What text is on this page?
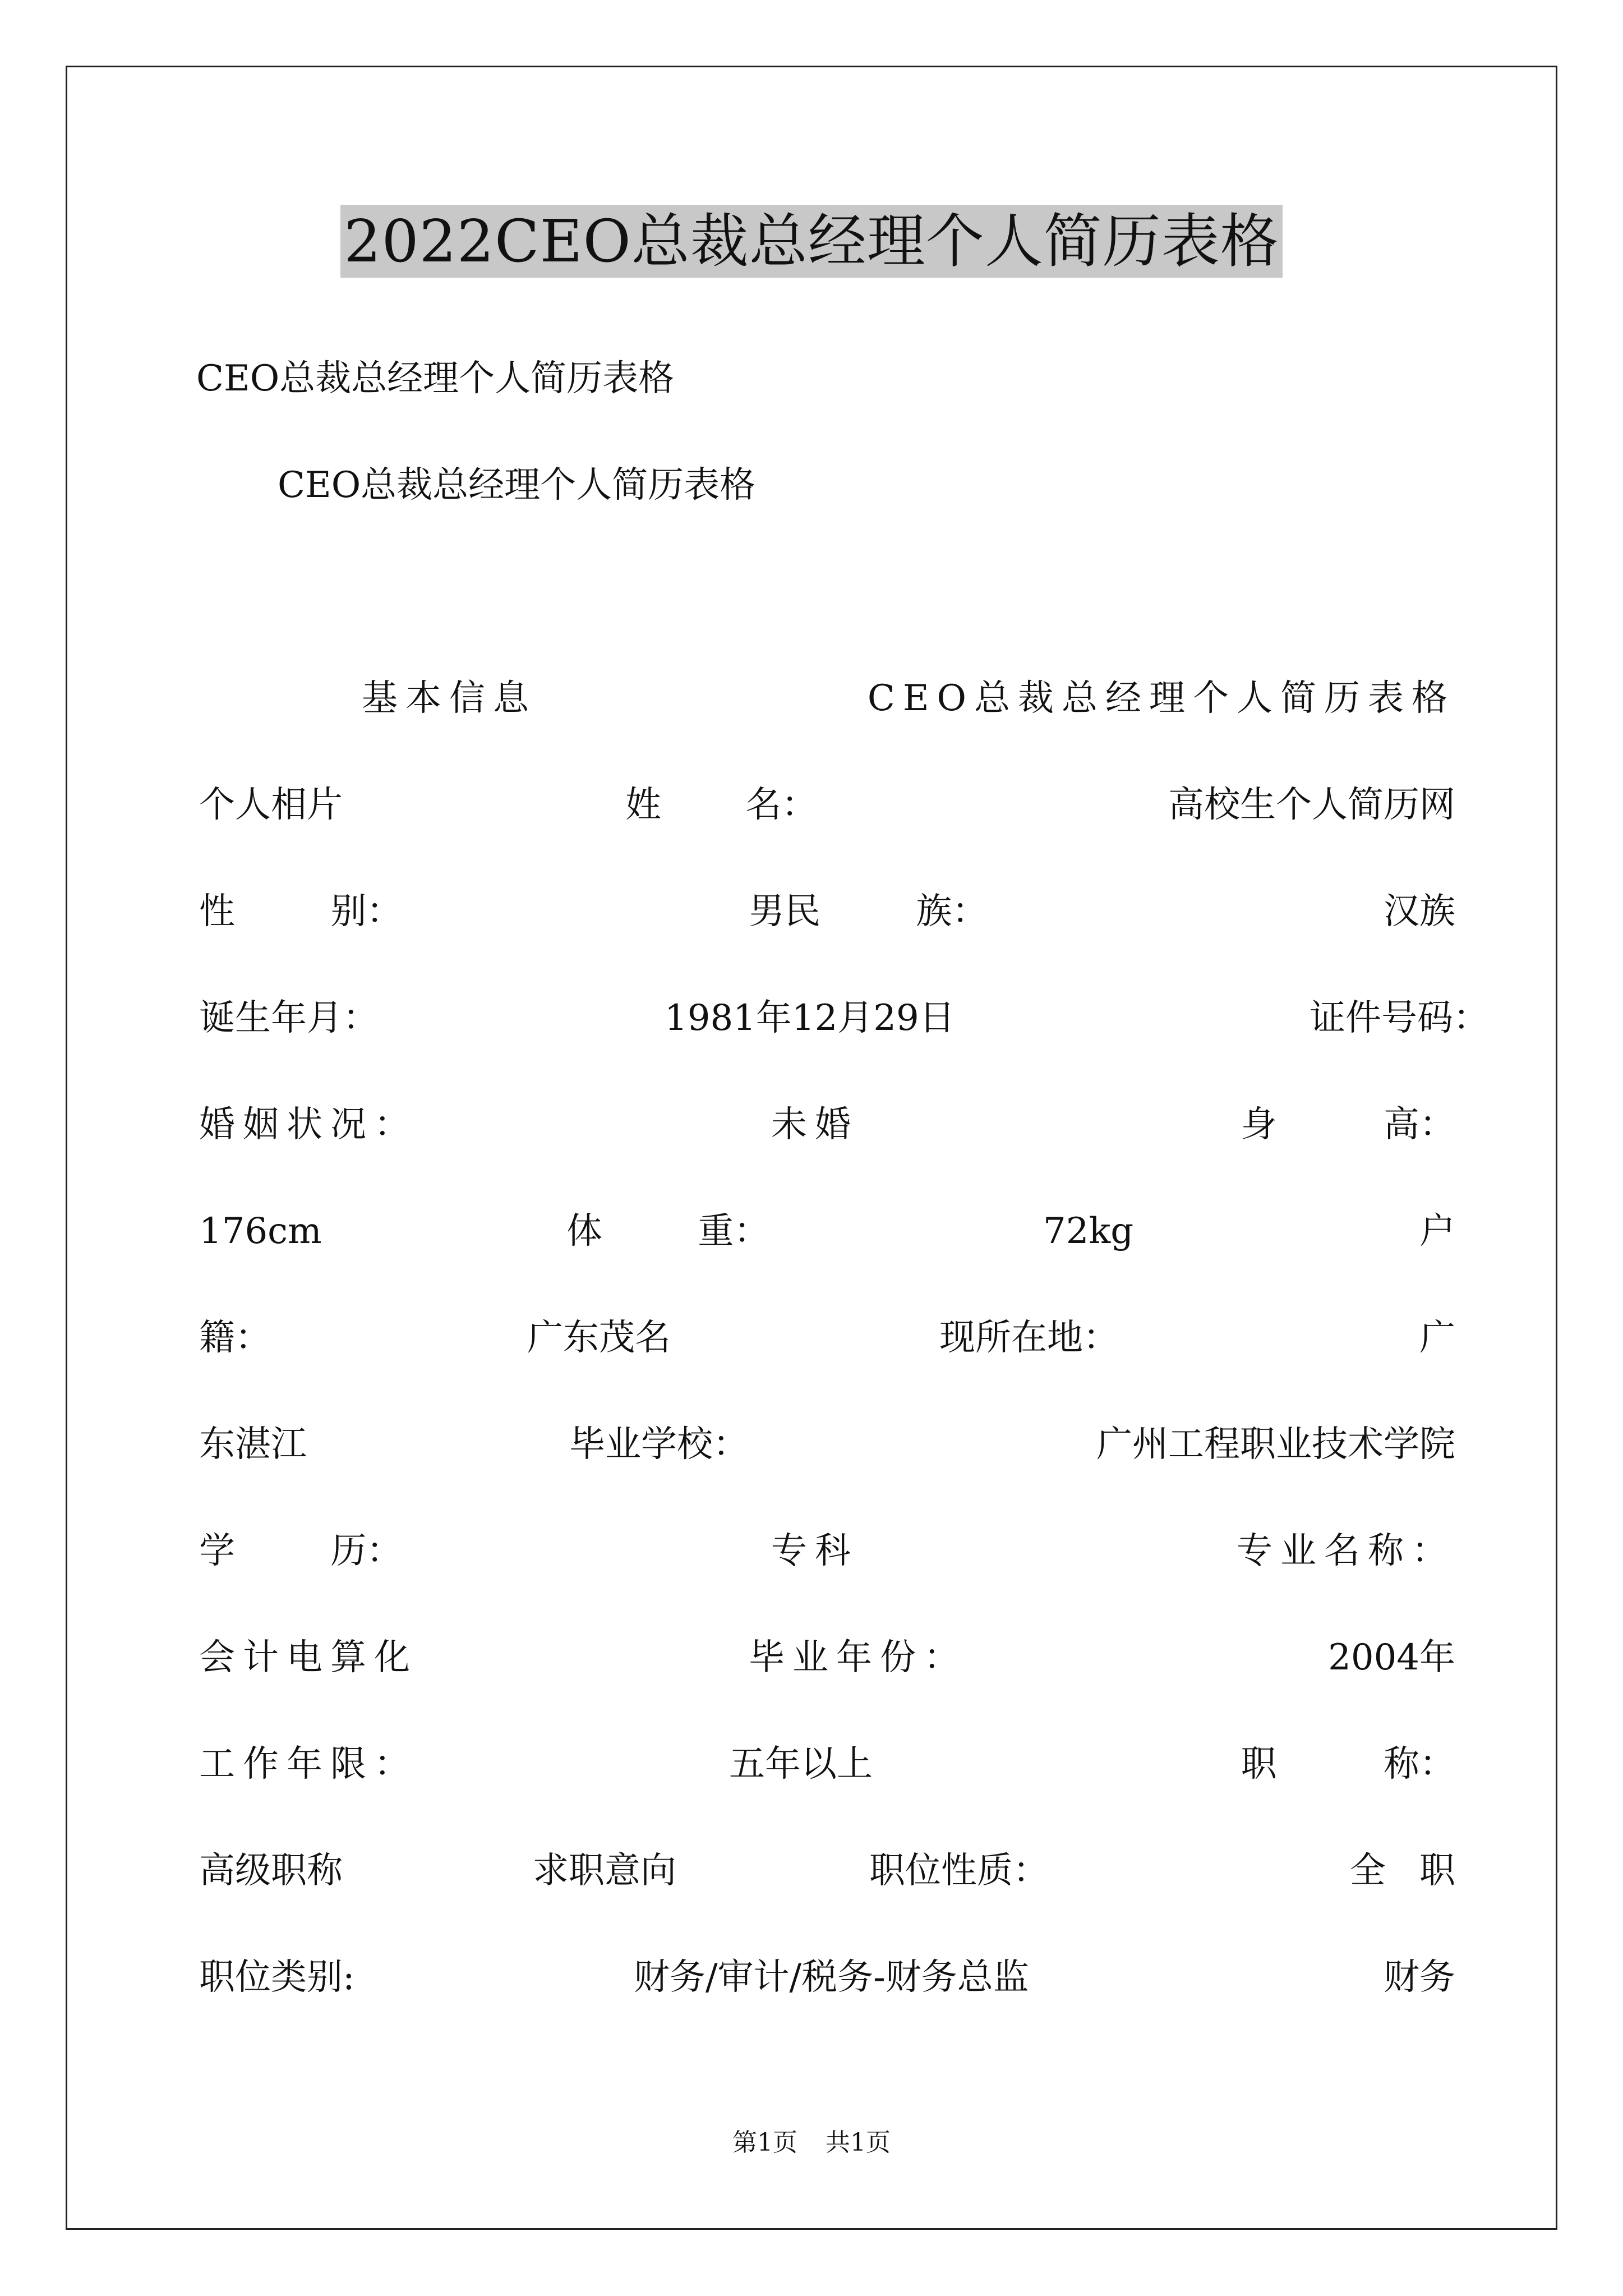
2022CEO总裁总经理个人简历表格
CEO总裁总经理个人简历表格
CEO总裁总经理个人简历表格
基本信息	CEO总裁总经理个人简历表格
个人相片	姓 名：	高校生个人简历网
性 别：	男民 族：	汉族
诞生年月：	1981年12月29日	证件号码：
婚姻状况：	未婚	身 高：
176cm	体 重：	72kg	户
籍：	广东茂名	现所在地：	广
东湛江	毕业学校：	广州工程职业技术学院
学 历：	专科	专业名称：
会计电算化	毕业年份：	2004年
工作年限：	五年以上	职 称：
高级职称	求职意向	职位性质：	全 职
职位类别:	财务/审计/税务-财务总监	财务
第1页 共1页
